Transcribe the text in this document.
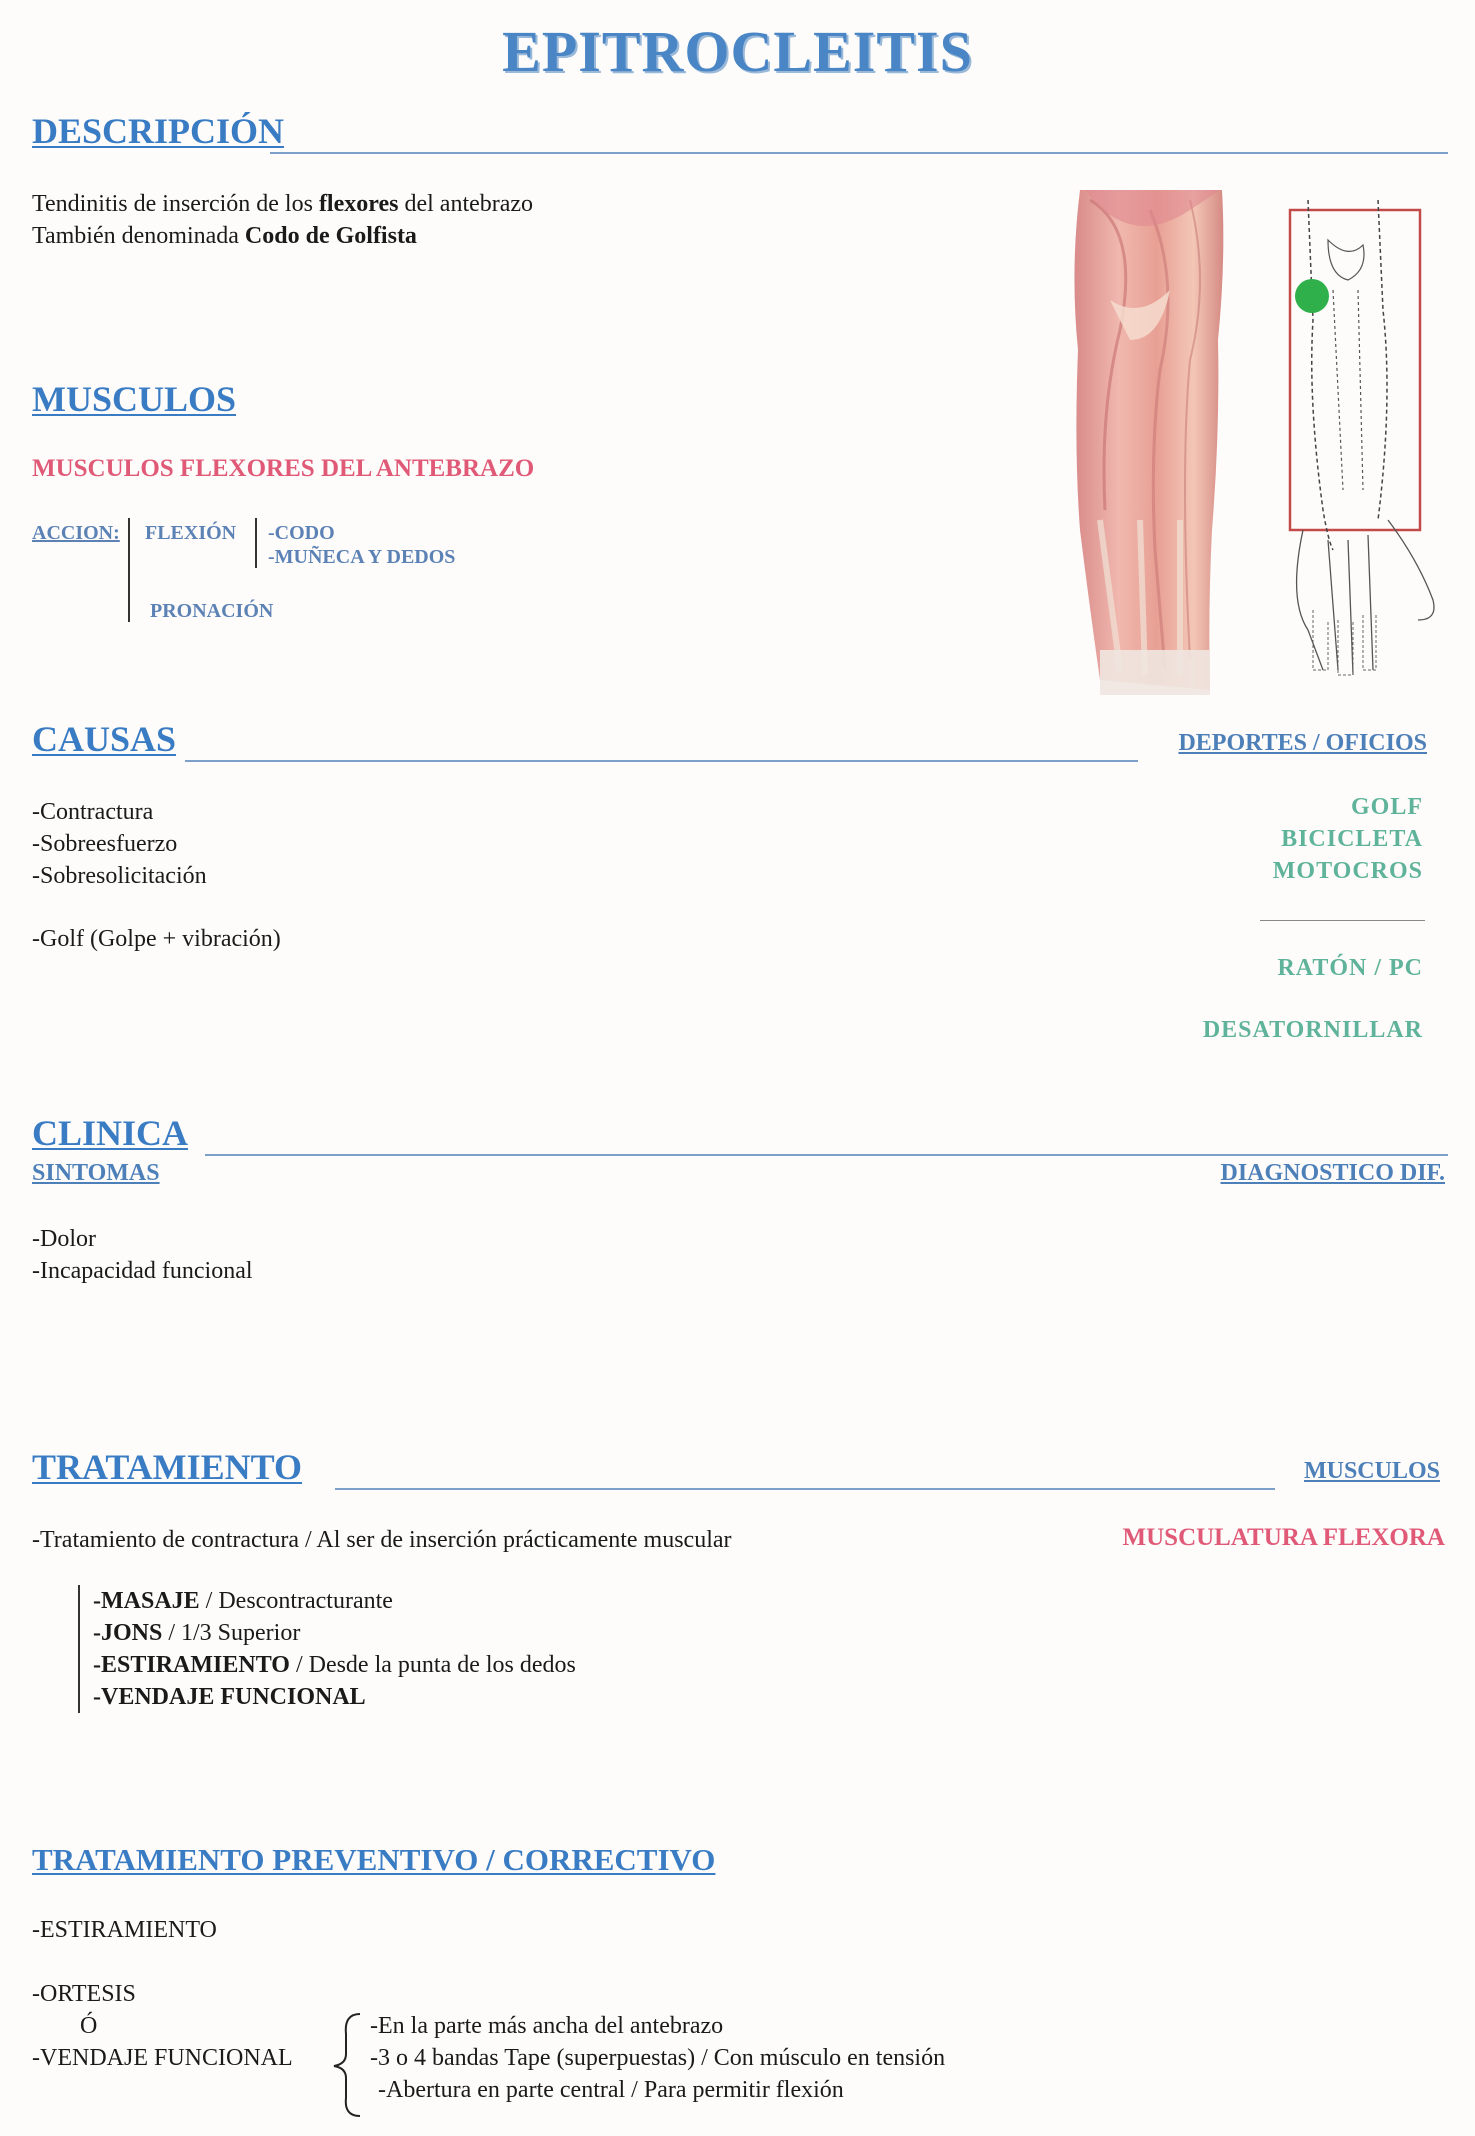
EPITROCLEITIS
DESCRIPCIÓN
Tendinitis de inserción de los flexores del antebrazo
También denominada Codo de Golfista
MUSCULOS
MUSCULOS FLEXORES DEL ANTEBRAZO
ACCION: FLEXIÓN -CODO
-MUÑECA Y DEDOS
PRONACIÓN
CAUSAS	DEPORTES / OFICIOS
-Contractura
-Sobreesfuerzo
-Sobresolicitación
-Golf (Golpe + vibración)
GOLF
BICICLETA
MOTOCROS
RATÓN / PC
DESATORNILLAR
CLINICA
SINTOMAS	DIAGNOSTICO DIF.
-Dolor
-Incapacidad funcional
TRATAMIENTO	MUSCULOS
-Tratamiento de contractura / Al ser de inserción prácticamente muscular	MUSCULATURA FLEXORA
-MASAJE / Descontracturante
-JONS / 1/3 Superior
-ESTIRAMIENTO / Desde la punta de los dedos
-VENDAJE FUNCIONAL
TRATAMIENTO PREVENTIVO / CORRECTIVO
-ESTIRAMIENTO
-ORTESIS
Ó
-VENDAJE FUNCIONAL
-En la parte más ancha del antebrazo
-3 o 4 bandas Tape (superpuestas) / Con músculo en tensión
-Abertura en parte central / Para permitir flexión
